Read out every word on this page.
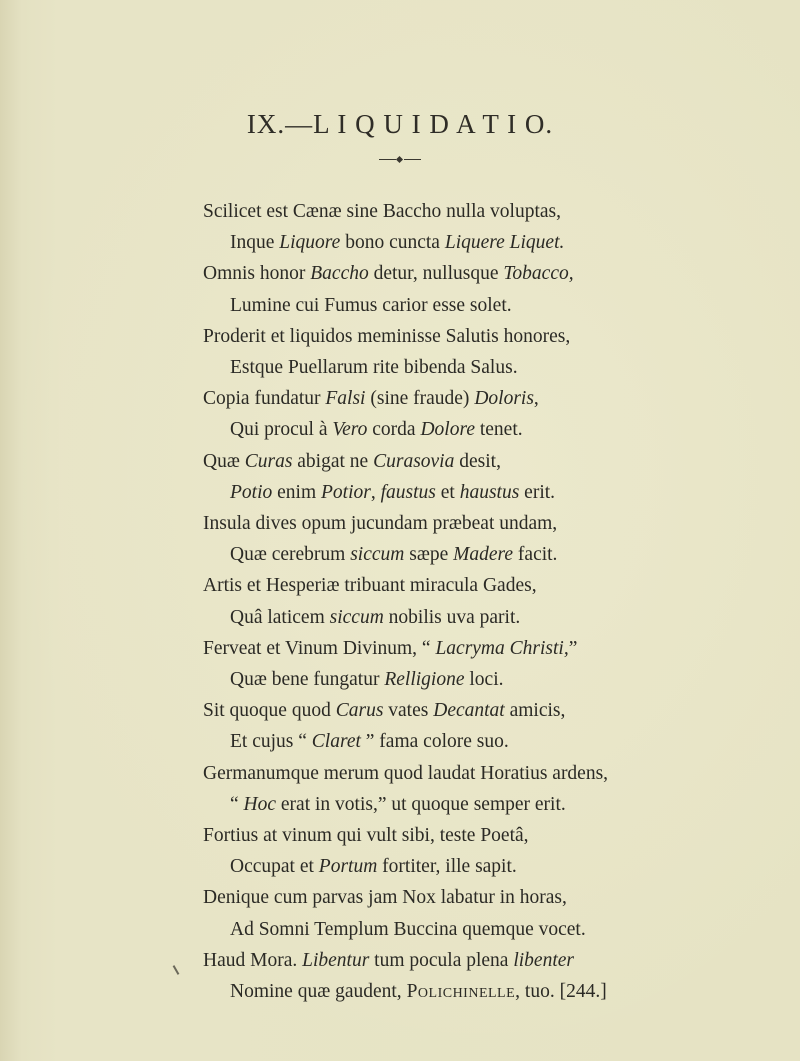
IX.—L I Q U I D A T I O.
Scilicet est Cænæ sine Baccho nulla voluptas,
Inque Liquore bono cuncta Liquere Liquet.
Omnis honor Baccho detur, nullusque Tobacco,
Lumine cui Fumus carior esse solet.
Proderit et liquidos meminisse Salutis honores,
Estque Puellarum rite bibenda Salus.
Copia fundatur Falsi (sine fraude) Doloris,
Qui procul à Vero corda Dolore tenet.
Quæ Curas abigat ne Curasovia desit,
Potio enim Potior, faustus et haustus erit.
Insula dives opum jucundam præbeat undam,
Quæ cerebrum siccum sæpe Madere facit.
Artis et Hesperiæ tribuant miracula Gades,
Quâ laticem siccum nobilis uva parit.
Ferveat et Vinum Divinum, “ Lacryma Christi,”
Quæ bene fungatur Relligione loci.
Sit quoque quod Carus vates Decantat amicis,
Et cujus “ Claret ” fama colore suo.
Germanumque merum quod laudat Horatius ardens,
“ Hoc erat in votis,” ut quoque semper erit.
Fortius at vinum qui vult sibi, teste Poetâ,
Occupat et Portum fortiter, ille sapit.
Denique cum parvas jam Nox labatur in horas,
Ad Somni Templum Buccina quemque vocet.
Haud Mora. Libentur tum pocula plena libenter
Nomine quæ gaudent, Polichinelle, tuo. [244.]
